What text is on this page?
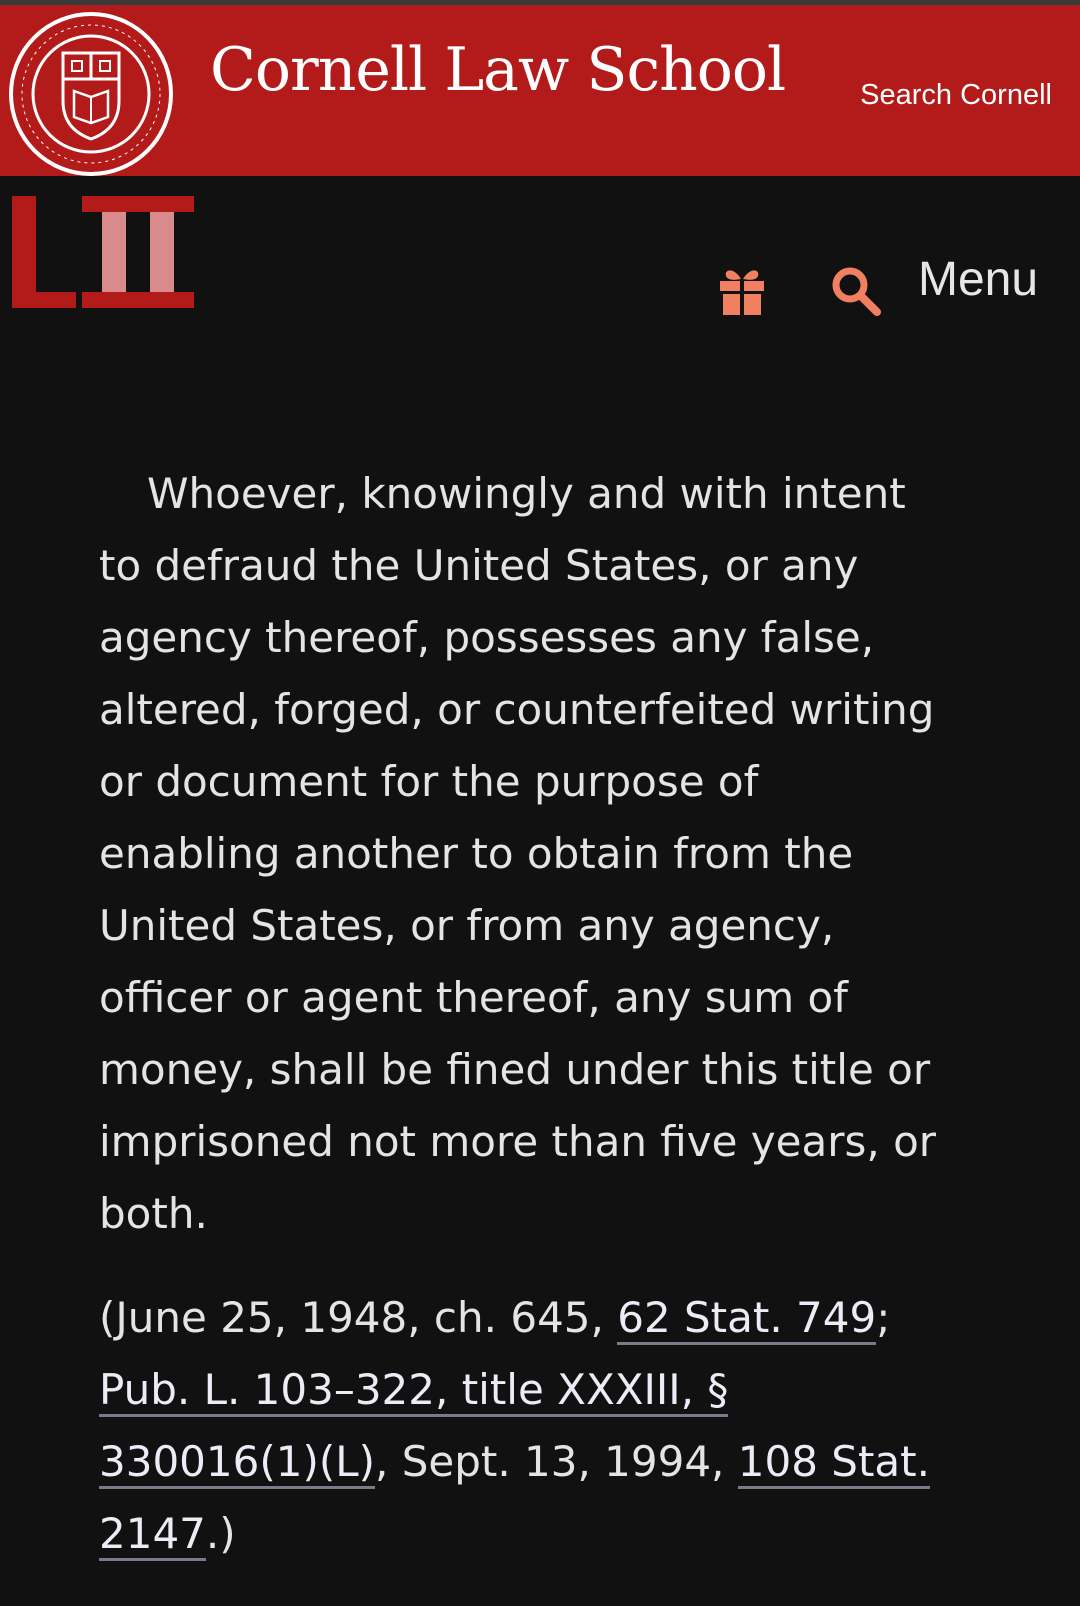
Cornell Law School	Search Cornell
Menu

Whoever, knowingly and with intent to defraud the United States, or any agency thereof, possesses any false, altered, forged, or counterfeited writing or document for the purpose of enabling another to obtain from the United States, or from any agency, officer or agent thereof, any sum of money, shall be fined under this title or imprisoned not more than five years, or both.

(June 25, 1948, ch. 645, 62 Stat. 749; Pub. L. 103–322, title XXXIII, § 330016(1)(L), Sept. 13, 1994, 108 Stat. 2147.)
